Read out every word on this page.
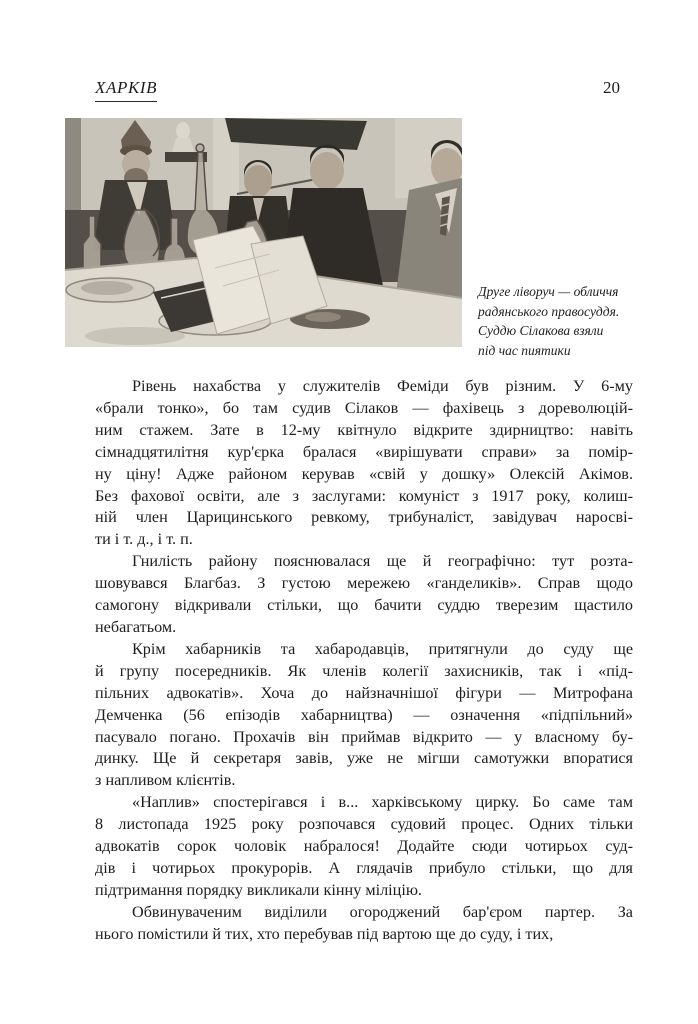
ХАРКІВ	20
Друге ліворуч — обличчя
радянського правосуддя.
Суддю Сілакова взяли
під час пиятики
Рівень нахабства у служителів Феміди був різним. У 6-му
«брали тонко», бо там судив Сілаков — фахівець з дореволюцій-
ним стажем. Зате в 12-му квітнуло відкрите здирництво: навіть
сімнадцятилітня кур'єрка бралася «вирішувати справи» за помір-
ну ціну! Адже районом керував «свій у дошку» Олексій Акімов.
Без фахової освіти, але з заслугами: комуніст з 1917 року, колиш-
ній член Царицинського ревкому, трибуналіст, завідувач наросві-
ти і т. д., і т. п.
Гнилість району пояснювалася ще й географічно: тут розта-
шовувався Благбаз. З густою мережею «ганделиків». Справ щодо
самогону відкривали стільки, що бачити суддю тверезим щастило
небагатьом.
Крім хабарників та хабародавців, притягнули до суду ще
й групу посередників. Як членів колегії захисників, так і «під-
пільних адвокатів». Хоча до найзначнішої фігури — Митрофана
Демченка (56 епізодів хабарництва) — означення «підпільний»
пасувало погано. Прохачів він приймав відкрито — у власному бу-
динку. Ще й секретаря завів, уже не мігши самотужки впоратися
з напливом клієнтів.
«Наплив» спостерігався і в... харківському цирку. Бо саме там
8 листопада 1925 року розпочався судовий процес. Одних тільки
адвокатів сорок чоловік набралося! Додайте сюди чотирьох суд-
дів і чотирьох прокурорів. А глядачів прибуло стільки, що для
підтримання порядку викликали кінну міліцію.
Обвинуваченим виділили огороджений бар'єром партер. За
нього помістили й тих, хто перебував під вартою ще до суду, і тих,
